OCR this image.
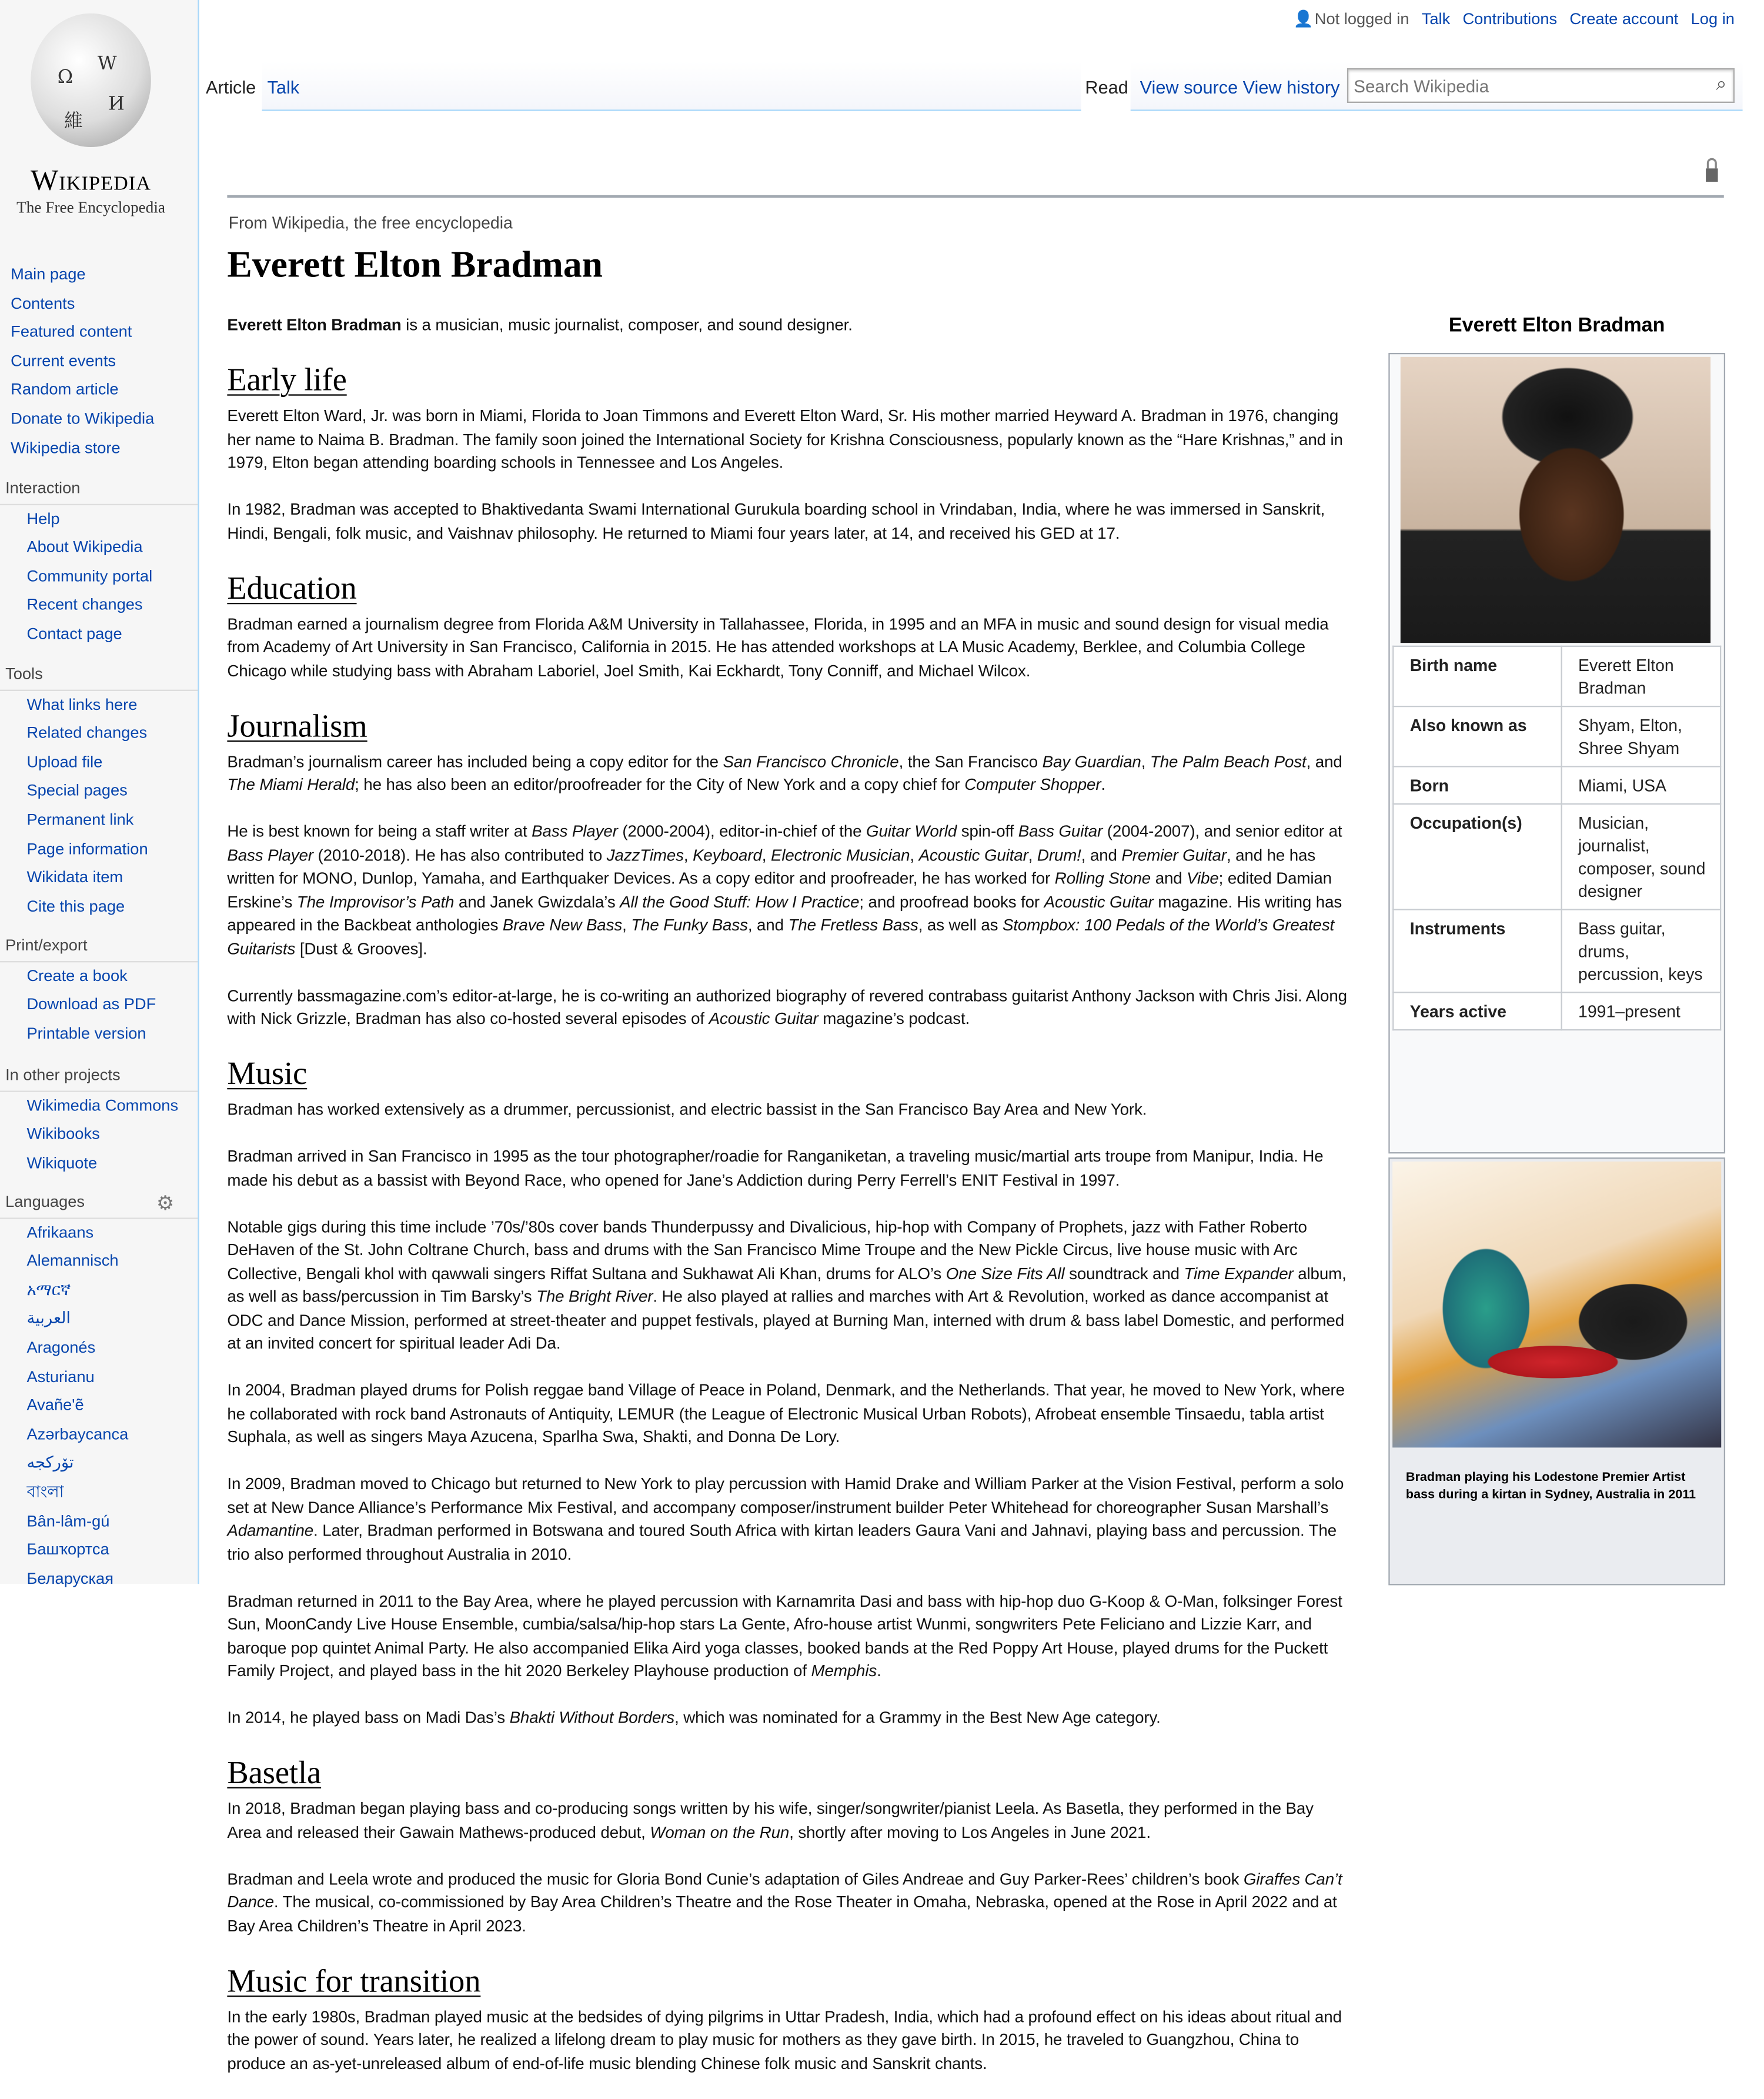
Ω
W
И
維
Wikipedia
The Free Encyclopedia
Main page
Contents
Featured content
Current events
Random article
Donate to Wikipedia
Wikipedia store
Interaction
Help
About Wikipedia
Community portal
Recent changes
Contact page
Tools
What links here
Related changes
Upload file
Special pages
Permanent link
Page information
Wikidata item
Cite this page
Print/export
Create a book
Download as PDF
Printable version
In other projects
Wikimedia Commons
Wikibooks
Wikiquote
Languages
Afrikaans
Alemannisch
አማርኛ
العربية
Aragonés
Asturianu
Avañe'ẽ
Azərbaycanca
تۆرکجه
বাংলা
Bân-lâm-gú
Башҡортса
Беларуская
⚙
👤 Not logged in Talk Contributions Create account Log in
Article Talk	Read View source View history
Search Wikipedia	⌕
From Wikipedia, the free encyclopedia
Everett Elton Bradman

Everett Elton Bradman is a musician, music journalist, composer, and sound designer.

Early life

Everett Elton Ward, Jr. was born in Miami, Florida to Joan Timmons and Everett Elton Ward, Sr. His mother married Heyward A. Bradman in 1976, changing her name to Naima B. Bradman. The family soon joined the International Society for Krishna Consciousness, popularly known as the “Hare Krishnas,” and in 1979, Elton began attending boarding schools in Tennessee and Los Angeles.

In 1982, Bradman was accepted to Bhaktivedanta Swami International Gurukula boarding school in Vrindaban, India, where he was immersed in Sanskrit, Hindi, Bengali, folk music, and Vaishnav philosophy. He returned to Miami four years later, at 14, and received his GED at 17.

Education

Bradman earned a journalism degree from Florida A&M University in Tallahassee, Florida, in 1995 and an MFA in music and sound design for visual media from Academy of Art University in San Francisco, California in 2015. He has attended workshops at LA Music Academy, Berklee, and Columbia College Chicago while studying bass with Abraham Laboriel, Joel Smith, Kai Eckhardt, Tony Conniff, and Michael Wilcox.

Journalism

Bradman’s journalism career has included being a copy editor for the San Francisco Chronicle, the San Francisco Bay Guardian, The Palm Beach Post, and The Miami Herald; he has also been an editor/proofreader for the City of New York and a copy chief for Computer Shopper.

He is best known for being a staff writer at Bass Player (2000-2004), editor-in-chief of the Guitar World spin-off Bass Guitar (2004-2007), and senior editor at Bass Player (2010-2018). He has also contributed to JazzTimes, Keyboard, Electronic Musician, Acoustic Guitar, Drum!, and Premier Guitar, and he has written for MONO, Dunlop, Yamaha, and Earthquaker Devices. As a copy editor and proofreader, he has worked for Rolling Stone and Vibe; edited Damian Erskine’s The Improvisor’s Path and Janek Gwizdala’s All the Good Stuff: How I Practice; and proofread books for Acoustic Guitar magazine. His writing has appeared in the Backbeat anthologies Brave New Bass, The Funky Bass, and The Fretless Bass, as well as Stompbox: 100 Pedals of the World’s Greatest Guitarists [Dust & Grooves].

Currently bassmagazine.com’s editor-at-large, he is co-writing an authorized biography of revered contrabass guitarist Anthony Jackson with Chris Jisi. Along with Nick Grizzle, Bradman has also co-hosted several episodes of Acoustic Guitar magazine’s podcast.

Music

Bradman has worked extensively as a drummer, percussionist, and electric bassist in the San Francisco Bay Area and New York.

Bradman arrived in San Francisco in 1995 as the tour photographer/roadie for Ranganiketan, a traveling music/martial arts troupe from Manipur, India. He made his debut as a bassist with Beyond Race, who opened for Jane’s Addiction during Perry Ferrell’s ENIT Festival in 1997.

Notable gigs during this time include ’70s/’80s cover bands Thunderpussy and Divalicious, hip-hop with Company of Prophets, jazz with Father Roberto DeHaven of the St. John Coltrane Church, bass and drums with the San Francisco Mime Troupe and the New Pickle Circus, live house music with Arc Collective, Bengali khol with qawwali singers Riffat Sultana and Sukhawat Ali Khan, drums for ALO’s One Size Fits All soundtrack and Time Expander album, as well as bass/percussion in Tim Barsky’s The Bright River. He also played at rallies and marches with Art & Revolution, worked as dance accompanist at ODC and Dance Mission, performed at street-theater and puppet festivals, played at Burning Man, interned with drum & bass label Domestic, and performed at an invited concert for spiritual leader Adi Da.

In 2004, Bradman played drums for Polish reggae band Village of Peace in Poland, Denmark, and the Netherlands. That year, he moved to New York, where he collaborated with rock band Astronauts of Antiquity, LEMUR (the League of Electronic Musical Urban Robots), Afrobeat ensemble Tinsaedu, tabla artist Suphala, as well as singers Maya Azucena, Sparlha Swa, Shakti, and Donna De Lory.

In 2009, Bradman moved to Chicago but returned to New York to play percussion with Hamid Drake and William Parker at the Vision Festival, perform a solo set at New Dance Alliance’s Performance Mix Festival, and accompany composer/instrument builder Peter Whitehead for choreographer Susan Marshall’s Adamantine. Later, Bradman performed in Botswana and toured South Africa with kirtan leaders Gaura Vani and Jahnavi, playing bass and percussion. The trio also performed throughout Australia in 2010.

Bradman returned in 2011 to the Bay Area, where he played percussion with Karnamrita Dasi and bass with hip-hop duo G-Koop & O-Man, folksinger Forest Sun, MoonCandy Live House Ensemble, cumbia/salsa/hip-hop stars La Gente, Afro-house artist Wunmi, songwriters Pete Feliciano and Lizzie Karr, and baroque pop quintet Animal Party. He also accompanied Elika Aird yoga classes, booked bands at the Red Poppy Art House, played drums for the Puckett Family Project, and played bass in the hit 2020 Berkeley Playhouse production of Memphis.

In 2014, he played bass on Madi Das’s Bhakti Without Borders, which was nominated for a Grammy in the Best New Age category.

Basetla

In 2018, Bradman began playing bass and co-producing songs written by his wife, singer/songwriter/pianist Leela. As Basetla, they performed in the Bay Area and released their Gawain Mathews-produced debut, Woman on the Run, shortly after moving to Los Angeles in June 2021.

Bradman and Leela wrote and produced the music for Gloria Bond Cunie’s adaptation of Giles Andreae and Guy Parker-Rees’ children’s book Giraffes Can’t Dance. The musical, co-commissioned by Bay Area Children’s Theatre and the Rose Theater in Omaha, Nebraska, opened at the Rose in April 2022 and at Bay Area Children’s Theatre in April 2023.

Music for transition

In the early 1980s, Bradman played music at the bedsides of dying pilgrims in Uttar Pradesh, India, which had a profound effect on his ideas about ritual and the power of sound. Years later, he realized a lifelong dream to play music for mothers as they gave birth. In 2015, he traveled to Guangzhou, China to produce an as-yet-unreleased album of end-of-life music blending Chinese folk music and Sanskrit chants.

Everett Elton Bradman
Birth name	Everett Elton Bradman
Also known as	Shyam, Elton, Shree Shyam
Born	Miami, USA
Occupation(s)	Musician, journalist, composer, sound designer
Instruments	Bass guitar, drums, percussion, keys
Years active	1991–present
Bradman playing his Lodestone Premier Artist bass during a kirtan in Sydney, Australia in 2011
